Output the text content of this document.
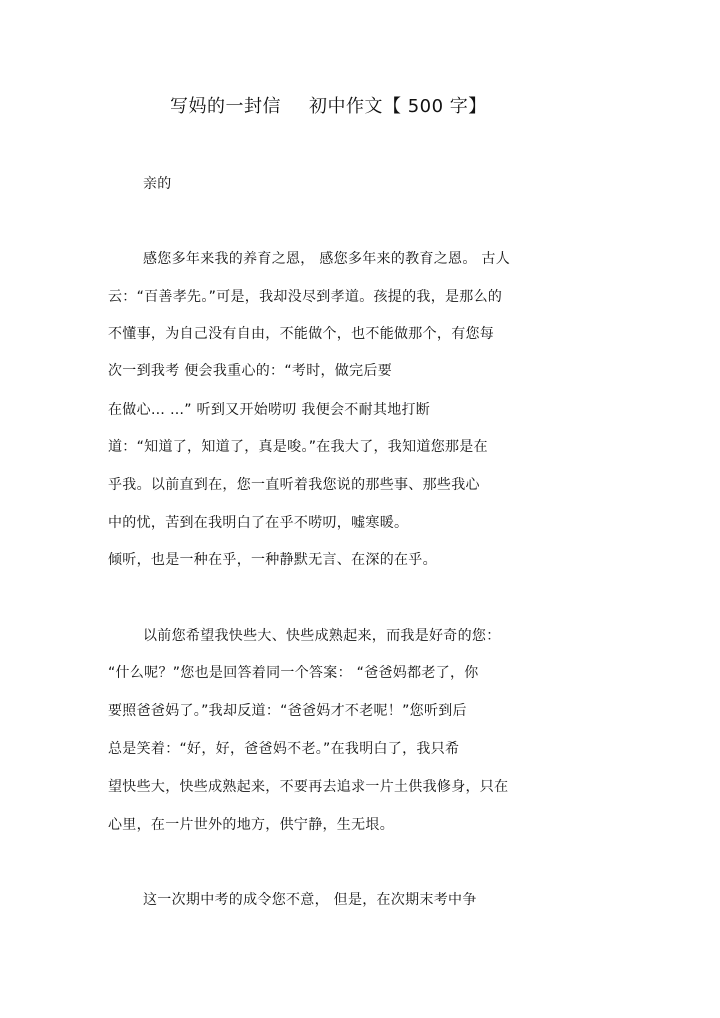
写妈的一封信 初中作文【 500 字】
亲的
感您多年来我的养育之恩， 感您多年来的教育之恩。 古人
云：“百善孝先。”可是，我却没尽到孝道。孩提的我，是那么的
不懂事，为自己没有自由，不能做个，也不能做那个，有您每
次一到我考 便会我重心的：“考时，做完后要
在做心… …” 听到又开始唠叨 我便会不耐其地打断
道：“知道了，知道了，真是唆。”在我大了，我知道您那是在
乎我。以前直到在，您一直听着我您说的那些事、那些我心
中的忧，苦到在我明白了在乎不唠叨，嘘寒暖。
倾听，也是一种在乎，一种静默无言、在深的在乎。
以前您希望我快些大、快些成熟起来，而我是好奇的您：
“什么呢？”您也是回答着同一个答案： “爸爸妈都老了，你
要照爸爸妈了。”我却反道：“爸爸妈才不老呢！”您听到后
总是笑着：“好，好，爸爸妈不老。”在我明白了，我只希
望快些大，快些成熟起来，不要再去追求一片土供我修身，只在
心里，在一片世外的地方，供宁静，生无垠。
这一次期中考的成令您不意， 但是，在次期末考中争
